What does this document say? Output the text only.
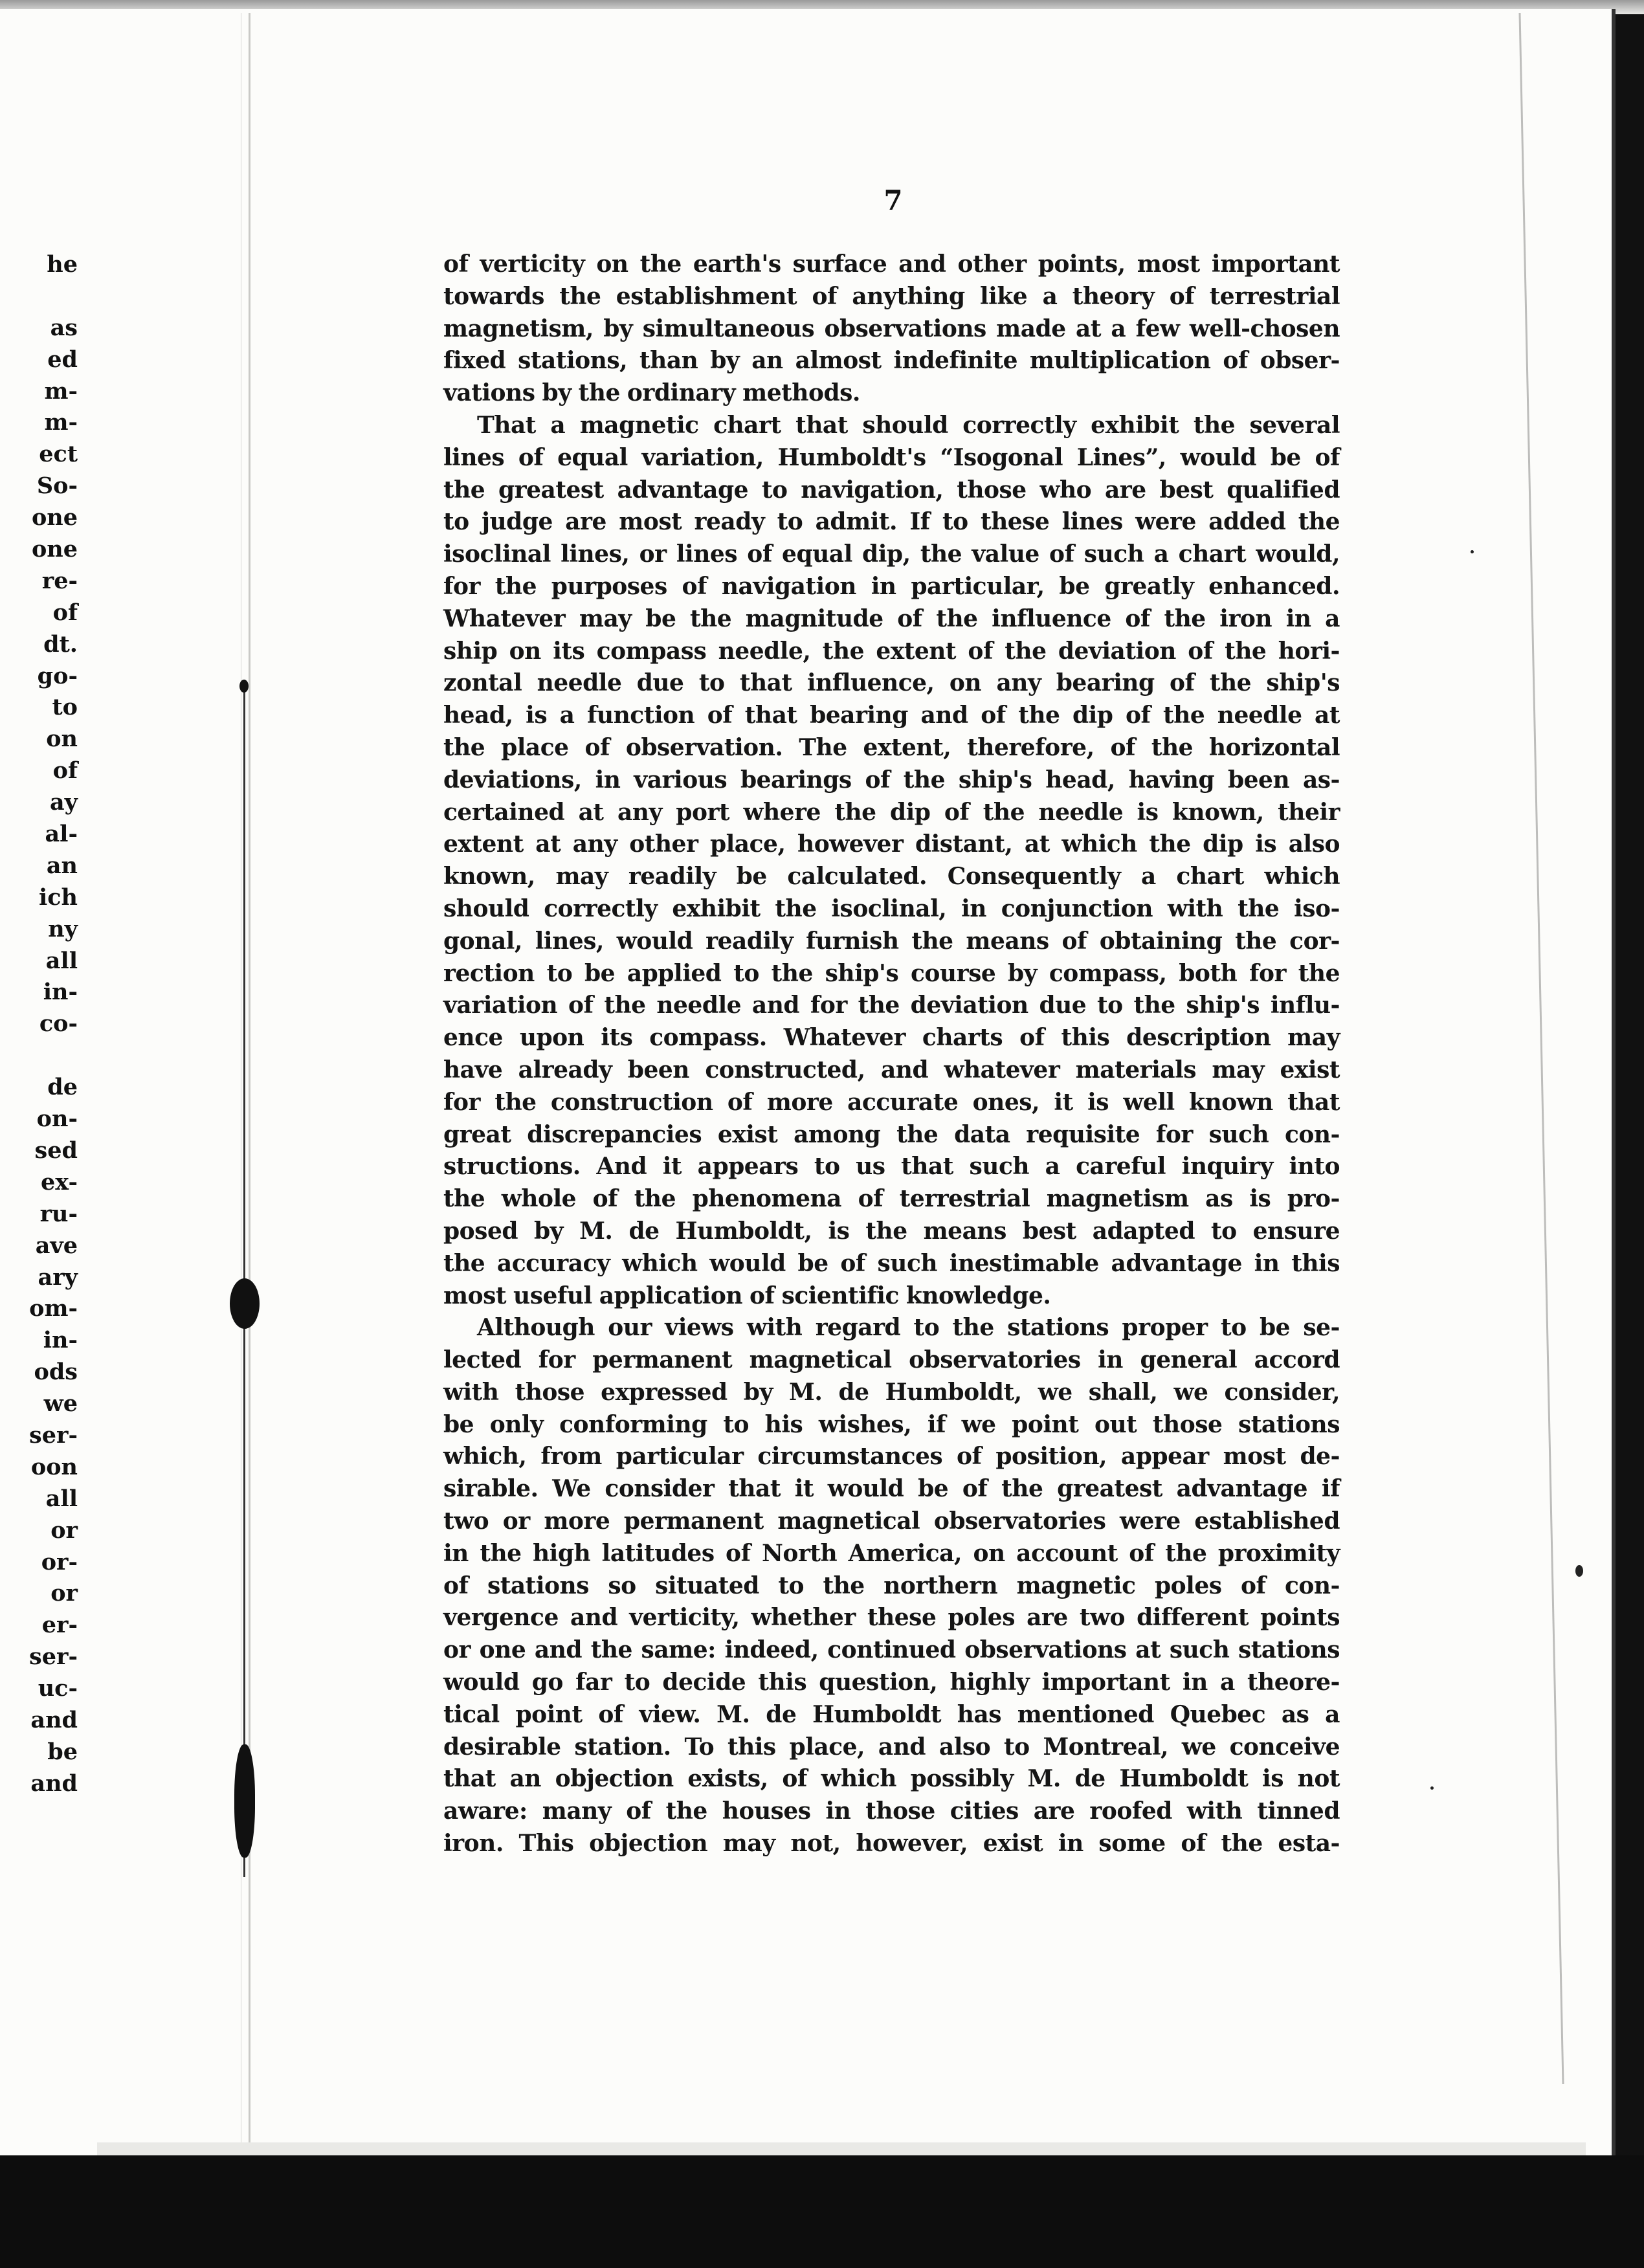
he
as
ed
m-
m-
ect
So-
one
one
re-
of
dt.
go-
to
on
of
ay
al-
an
ich
ny
all
in-
co-
de
on-
sed
ex-
ru-
ave
ary
om-
in-
ods
we
ser-
oon
all
or
or-
or
er-
ser-
uc-
and
be
and
7
of verticity on the earth's surface and other points, most important
towards the establishment of anything like a theory of terrestrial
magnetism, by simultaneous observations made at a few well-chosen
fixed stations, than by an almost indefinite multiplication of obser-
vations by the ordinary methods.
That a magnetic chart that should correctly exhibit the several
lines of equal variation, Humboldt's “Isogonal Lines”, would be of
the greatest advantage to navigation, those who are best qualified
to judge are most ready to admit. If to these lines were added the
isoclinal lines, or lines of equal dip, the value of such a chart would,
for the purposes of navigation in particular, be greatly enhanced.
Whatever may be the magnitude of the influence of the iron in a
ship on its compass needle, the extent of the deviation of the hori-
zontal needle due to that influence, on any bearing of the ship's
head, is a function of that bearing and of the dip of the needle at
the place of observation. The extent, therefore, of the horizontal
deviations, in various bearings of the ship's head, having been as-
certained at any port where the dip of the needle is known, their
extent at any other place, however distant, at which the dip is also
known, may readily be calculated. Consequently a chart which
should correctly exhibit the isoclinal, in conjunction with the iso-
gonal, lines, would readily furnish the means of obtaining the cor-
rection to be applied to the ship's course by compass, both for the
variation of the needle and for the deviation due to the ship's influ-
ence upon its compass. Whatever charts of this description may
have already been constructed, and whatever materials may exist
for the construction of more accurate ones, it is well known that
great discrepancies exist among the data requisite for such con-
structions. And it appears to us that such a careful inquiry into
the whole of the phenomena of terrestrial magnetism as is pro-
posed by M. de Humboldt, is the means best adapted to ensure
the accuracy which would be of such inestimable advantage in this
most useful application of scientific knowledge.
Although our views with regard to the stations proper to be se-
lected for permanent magnetical observatories in general accord
with those expressed by M. de Humboldt, we shall, we consider,
be only conforming to his wishes, if we point out those stations
which, from particular circumstances of position, appear most de-
sirable. We consider that it would be of the greatest advantage if
two or more permanent magnetical observatories were established
in the high latitudes of North America, on account of the proximity
of stations so situated to the northern magnetic poles of con-
vergence and verticity, whether these poles are two different points
or one and the same: indeed, continued observations at such stations
would go far to decide this question, highly important in a theore-
tical point of view. M. de Humboldt has mentioned Quebec as a
desirable station. To this place, and also to Montreal, we conceive
that an objection exists, of which possibly M. de Humboldt is not
aware: many of the houses in those cities are roofed with tinned
iron. This objection may not, however, exist in some of the esta-
